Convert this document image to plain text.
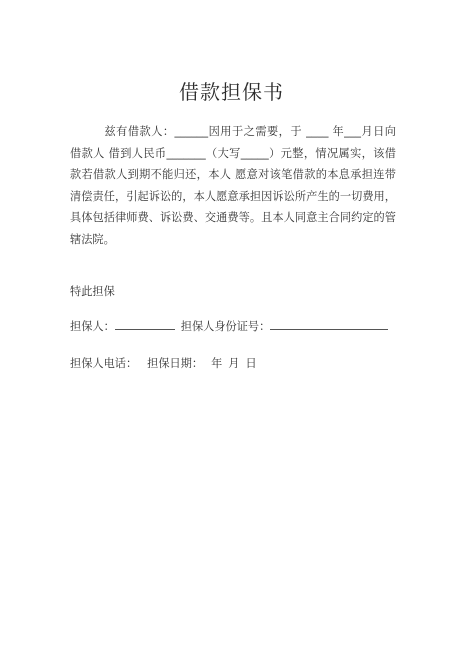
借款担保书
兹有借款人：______因用于之需要，于 ____ 年___月日向借款人 借到人民币_______（大写_____）元整，情况属实，该借款若借款人到期不能归还，本人 愿意对该笔借款的本息承担连带清偿责任，引起诉讼的，本人愿意承担因诉讼所产生的一切费用，具体包括律师费、诉讼费、交通费等。且本人同意主合同约定的管辖法院。
特此担保
担保人：	担保人身份证号：
担保人电话： 担保日期： 年 月 日
